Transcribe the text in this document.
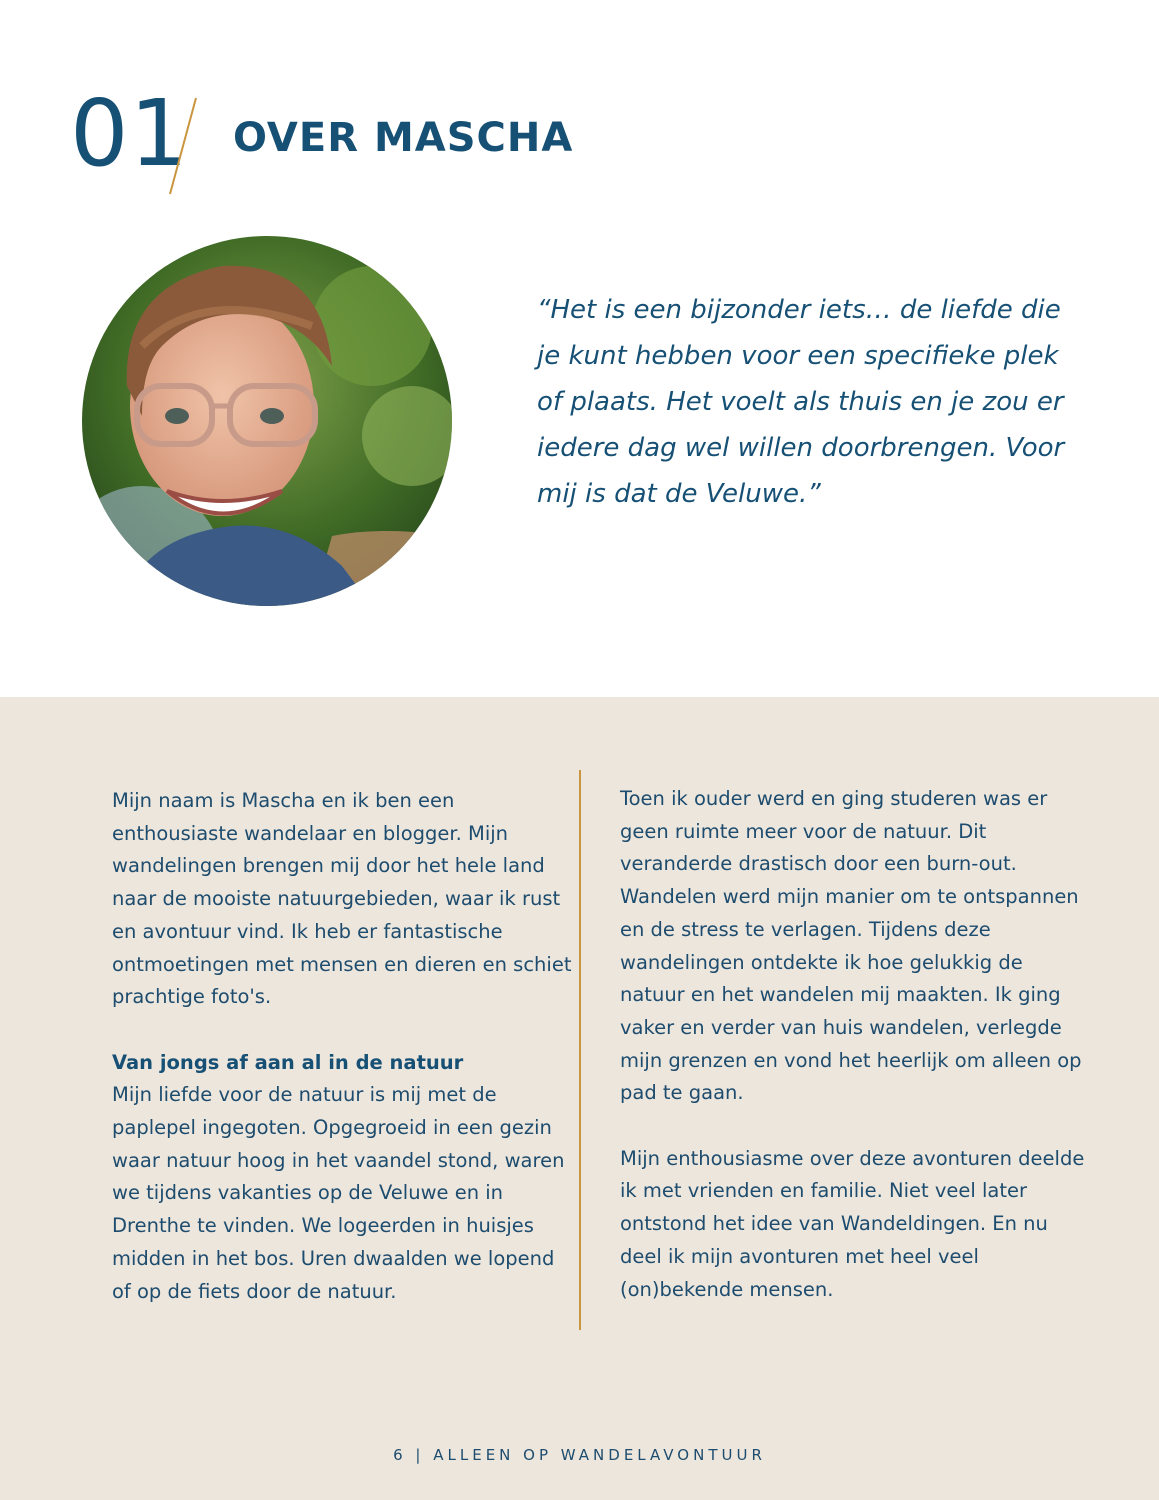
01 OVER MASCHA

“Het is een bijzonder iets… de liefde die je kunt hebben voor een specifieke plek of plaats. Het voelt als thuis en je zou er iedere dag wel willen doorbrengen. Voor mij is dat de Veluwe.”

Mijn naam is Mascha en ik ben een enthousiaste wandelaar en blogger. Mijn wandelingen brengen mij door het hele land naar de mooiste natuurgebieden, waar ik rust en avontuur vind. Ik heb er fantastische ontmoetingen met mensen en dieren en schiet prachtige foto's.

Van jongs af aan al in de natuur

Mijn liefde voor de natuur is mij met de paplepel ingegoten. Opgegroeid in een gezin waar natuur hoog in het vaandel stond, waren we tijdens vakanties op de Veluwe en in Drenthe te vinden. We logeerden in huisjes midden in het bos. Uren dwaalden we lopend of op de fiets door de natuur.

Toen ik ouder werd en ging studeren was er geen ruimte meer voor de natuur. Dit veranderde drastisch door een burn-out. Wandelen werd mijn manier om te ontspannen en de stress te verlagen. Tijdens deze wandelingen ontdekte ik hoe gelukkig de natuur en het wandelen mij maakten. Ik ging vaker en verder van huis wandelen, verlegde mijn grenzen en vond het heerlijk om alleen op pad te gaan.

Mijn enthousiasme over deze avonturen deelde ik met vrienden en familie. Niet veel later ontstond het idee van Wandeldingen. En nu deel ik mijn avonturen met heel veel (on)bekende mensen.

6 | ALLEEN OP WANDELAVONTUUR
